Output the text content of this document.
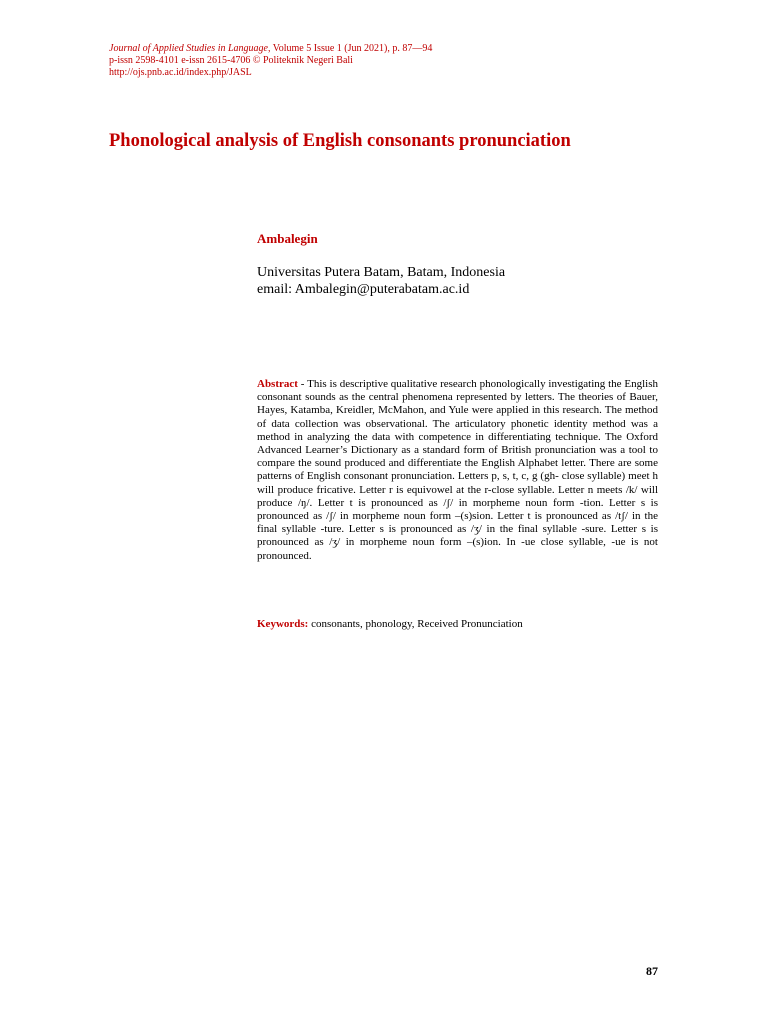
Journal of Applied Studies in Language, Volume 5 Issue 1 (Jun 2021), p. 87—94
p-issn 2598-4101 e-issn 2615-4706 © Politeknik Negeri Bali
http://ojs.pnb.ac.id/index.php/JASL
Phonological analysis of English consonants pronunciation
Ambalegin
Universitas Putera Batam, Batam, Indonesia
email: Ambalegin@puterabatam.ac.id

Abstract - This is descriptive qualitative research phonologically investigating the English consonant sounds as the central phenomena represented by letters. The theories of Bauer, Hayes, Katamba, Kreidler, McMahon, and Yule were applied in this research. The method of data collection was observational. The articulatory phonetic identity method was a method in analyzing the data with competence in differentiating technique. The Oxford Advanced Learner’s Dictionary as a standard form of British pronunciation was a tool to compare the sound produced and differentiate the English Alphabet letter. There are some patterns of English consonant pronunciation. Letters p, s, t, c, g (gh- close syllable) meet h will produce fricative. Letter r is equivowel at the r-close syllable. Letter n meets /k/ will produce /ŋ/. Letter t is pronounced as /ʃ/ in morpheme noun form -tion. Letter s is pronounced as /ʃ/ in morpheme noun form –(s)sion. Letter t is pronounced as /tʃ/ in the final syllable -ture. Letter s is pronounced as /ʒ/ in the final syllable -sure. Letter s is pronounced as /ʒ/ in morpheme noun form –(s)ion. In -ue close syllable, -ue is not pronounced.

Keywords: consonants, phonology, Received Pronunciation
87
